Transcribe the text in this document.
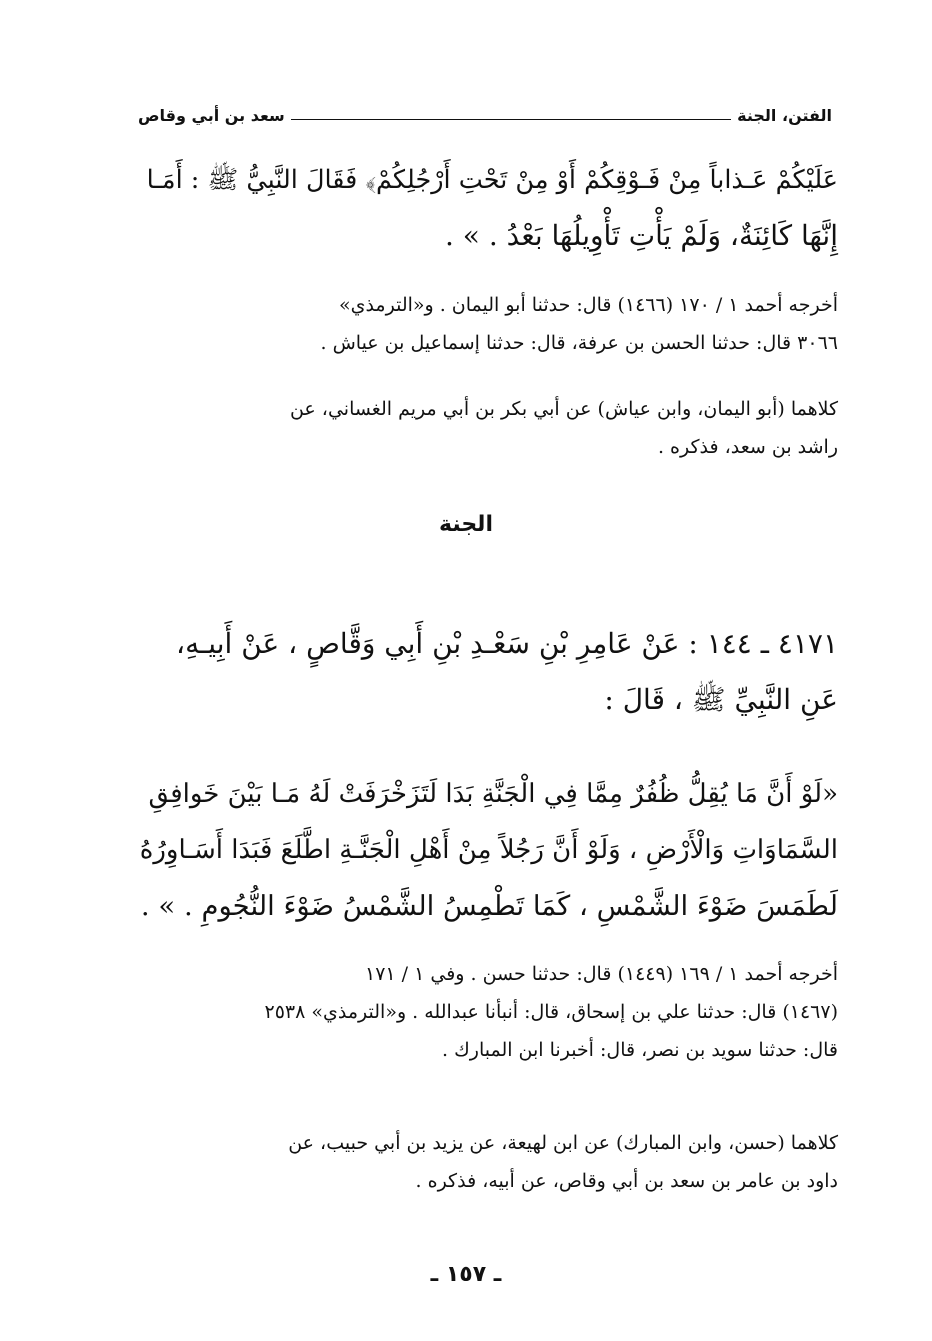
الفتن، الجنة
سعد بن أبي وقاص
عَلَيْكُمْ عَـذاباً مِنْ فَـوْقِكُمْ أَوْ مِنْ تَحْتِ أَرْجُلِكُمْ﴾ فَقَالَ النَّبِيُّ ﷺ : أَمَـا
إِنَّهَا كَائِنَةٌ، وَلَمْ يَأْتِ تَأْوِيلُهَا بَعْدُ . » .
أخرجه أحمد ١ / ١٧٠ (١٤٦٦) قال: حدثنا أبو اليمان . و«الترمذي»
٣٠٦٦ قال: حدثنا الحسن بن عرفة، قال: حدثنا إسماعيل بن عياش .
كلاهما (أبو اليمان، وابن عياش) عن أبي بكر بن أبي مريم الغساني، عن
راشد بن سعد، فذكره .
الجنة
٤١٧١ ـ ١٤٤ : عَنْ عَامِرِ بْنِ سَعْـدِ بْنِ أَبِي وَقَّاصٍ ، عَنْ أَبِيـهِ،
عَنِ النَّبِيِّ ﷺ ، قَالَ :
«لَوْ أَنَّ مَا يُقِلُّ ظُفُرٌ مِمَّا فِي الْجَنَّةِ بَدَا لَتَزَخْرَفَتْ لَهُ مَـا بَيْنَ خَوافِقِ
السَّمَاوَاتِ وَالْأَرْضِ ، وَلَوْ أَنَّ رَجُلاً مِنْ أَهْلِ الْجَنَّـةِ اطَّلَعَ فَبَدَا أَسَـاوِرُهُ
لَطَمَسَ ضَوْءَ الشَّمْسِ ، كَمَا تَطْمِسُ الشَّمْسُ ضَوْءَ النُّجُومِ . » .
أخرجه أحمد ١ / ١٦٩ (١٤٤٩) قال: حدثنا حسن . وفي ١ / ١٧١
(١٤٦٧) قال: حدثنا علي بن إسحاق، قال: أنبأنا عبدالله . و«الترمذي» ٢٥٣٨
قال: حدثنا سويد بن نصر، قال: أخبرنا ابن المبارك .
كلاهما (حسن، وابن المبارك) عن ابن لهيعة، عن يزيد بن أبي حبيب، عن
داود بن عامر بن سعد بن أبي وقاص، عن أبيه، فذكره .
ـ ١٥٧ ـ
